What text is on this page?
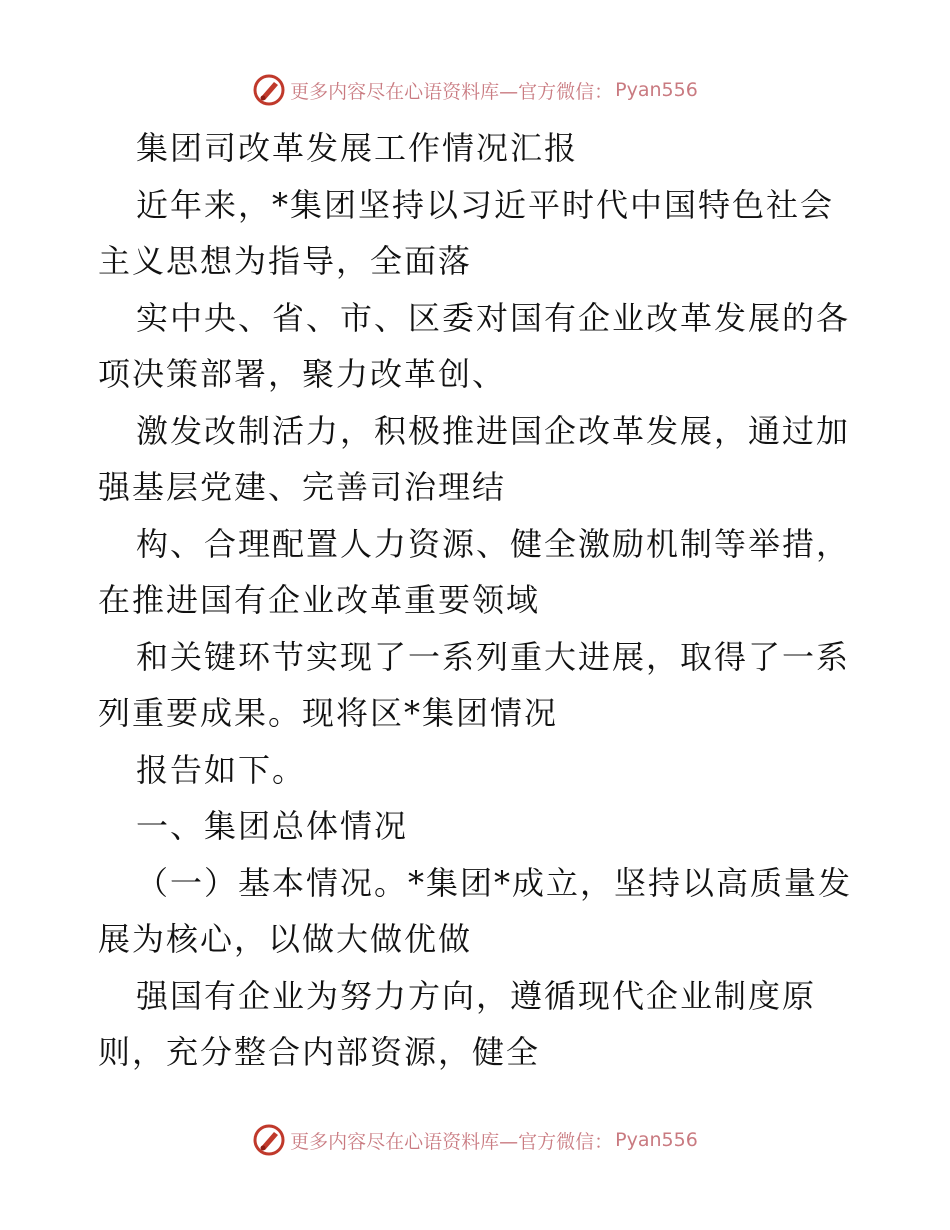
更多内容尽在心语资料库—官方微信： Pyan556
集团司改革发展工作情况汇报
近年来，*集团坚持以习近平时代中国特色社会
主义思想为指导，全面落
实中央、省、市、区委对国有企业改革发展的各
项决策部署，聚力改革创、
激发改制活力，积极推进国企改革发展，通过加
强基层党建、完善司治理结
构、合理配置人力资源、健全激励机制等举措，
在推进国有企业改革重要领域
和关键环节实现了一系列重大进展，取得了一系
列重要成果。现将区*集团情况
报告如下。
一、集团总体情况
（一）基本情况。*集团*成立，坚持以高质量发
展为核心，以做大做优做
强国有企业为努力方向，遵循现代企业制度原
则，充分整合内部资源，健全
更多内容尽在心语资料库—官方微信： Pyan556
